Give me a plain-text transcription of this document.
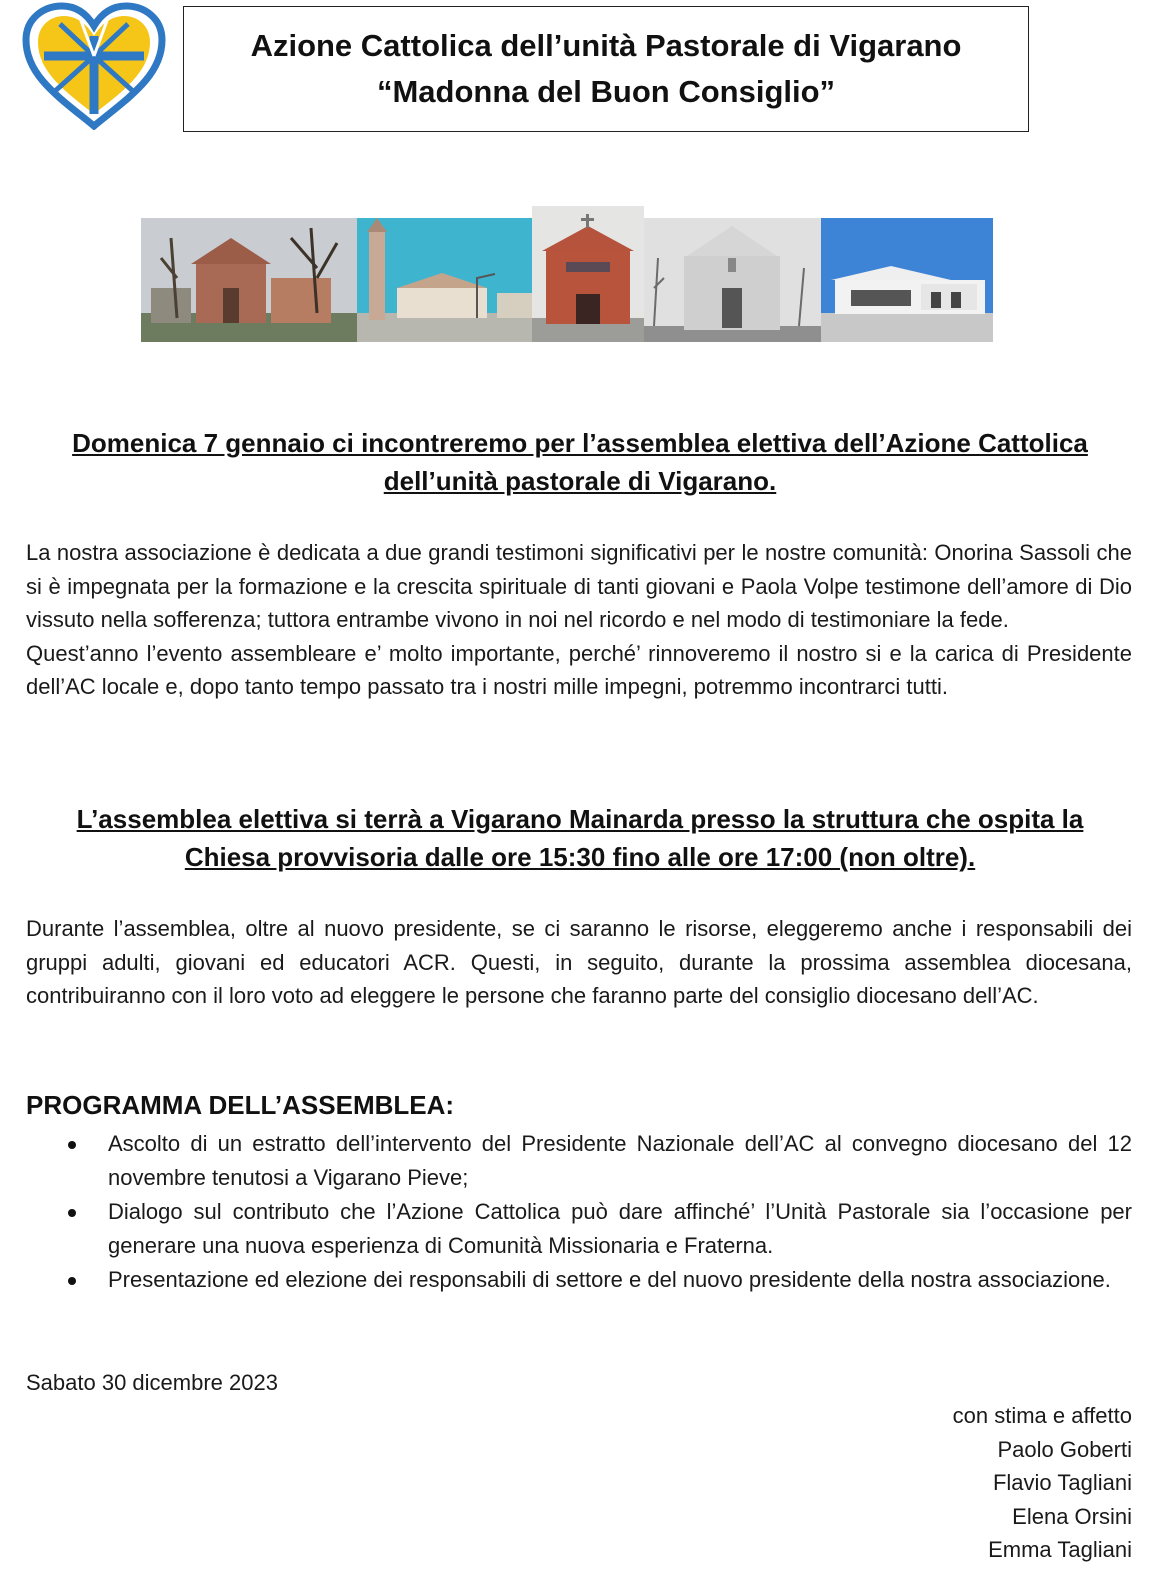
Azione Cattolica dell’unità Pastorale di Vigarano
“Madonna del Buon Consiglio”
Domenica 7 gennaio ci incontreremo per l’assemblea elettiva dell’Azione Cattolica
dell’unità pastorale di Vigarano.
La nostra associazione è dedicata a due grandi testimoni significativi per le nostre comunità: Onorina Sassoli che si è impegnata per la formazione e la crescita spirituale di tanti giovani e Paola Volpe testimone dell’amore di Dio vissuto nella sofferenza; tuttora entrambe vivono in noi nel ricordo e nel modo di testimoniare la fede.
Quest’anno l’evento assembleare e’ molto importante, perché’ rinnoveremo il nostro si e la carica di Presidente dell’AC locale e, dopo tanto tempo passato tra i nostri mille impegni, potremmo incontrarci tutti.
L’assemblea elettiva si terrà a Vigarano Mainarda presso la struttura che ospita la
Chiesa provvisoria dalle ore 15:30 fino alle ore 17:00 (non oltre).
Durante l’assemblea, oltre al nuovo presidente, se ci saranno le risorse, eleggeremo anche i responsabili dei gruppi adulti, giovani ed educatori ACR. Questi, in seguito, durante la prossima assemblea diocesana, contribuiranno con il loro voto ad eleggere le persone che faranno parte del consiglio diocesano dell’AC.
PROGRAMMA DELL’ASSEMBLEA:
Ascolto di un estratto dell’intervento del Presidente Nazionale dell’AC al convegno diocesano del 12 novembre tenutosi a Vigarano Pieve;
Dialogo sul contributo che l’Azione Cattolica può dare affinché’ l’Unità Pastorale sia l’occasione per generare una nuova esperienza di Comunità Missionaria e Fraterna.
Presentazione ed elezione dei responsabili di settore e del nuovo presidente della nostra associazione.
Sabato 30 dicembre 2023
con stima e affetto
Paolo Goberti
Flavio Tagliani
Elena Orsini
Emma Tagliani
